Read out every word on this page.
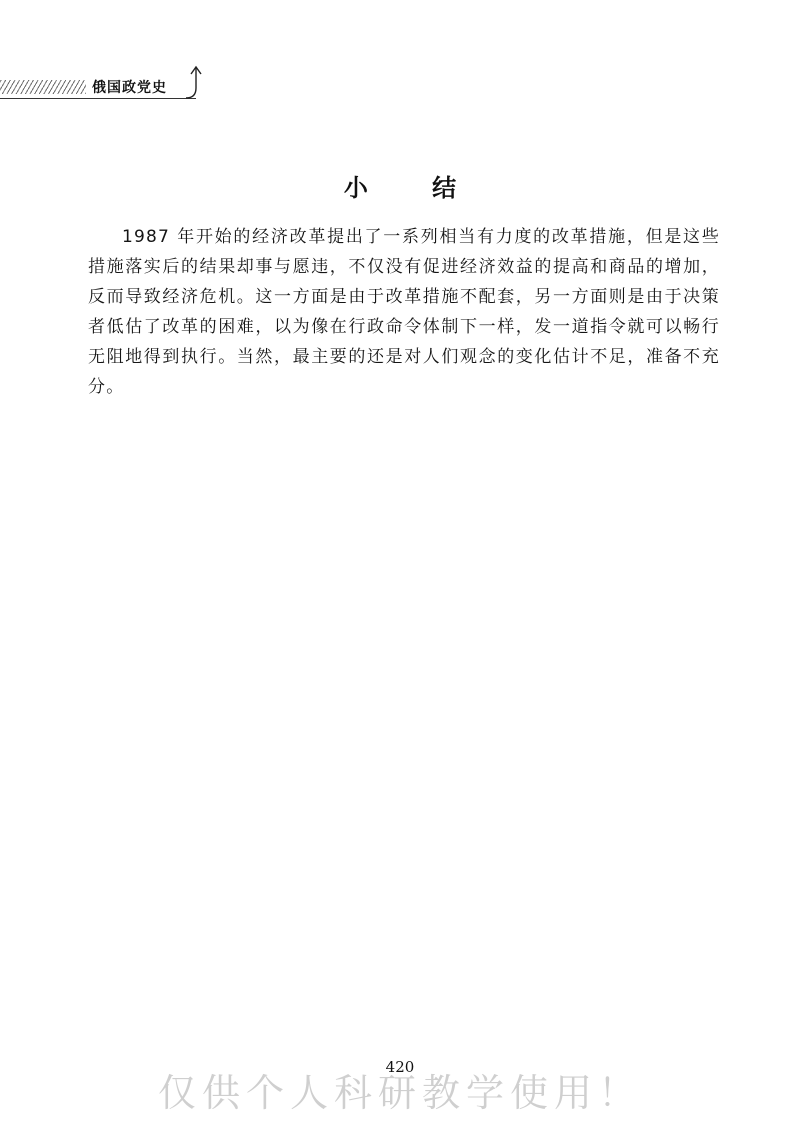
俄国政党史
小 结

1987 年开始的经济改革提出了一系列相当有力度的改革措施，但是这些措施落实后的结果却事与愿违，不仅没有促进经济效益的提高和商品的增加，反而导致经济危机。这一方面是由于改革措施不配套，另一方面则是由于决策者低估了改革的困难，以为像在行政命令体制下一样，发一道指令就可以畅行无阻地得到执行。当然，最主要的还是对人们观念的变化估计不足，准备不充分。

420
仅供个人科研教学使用！
